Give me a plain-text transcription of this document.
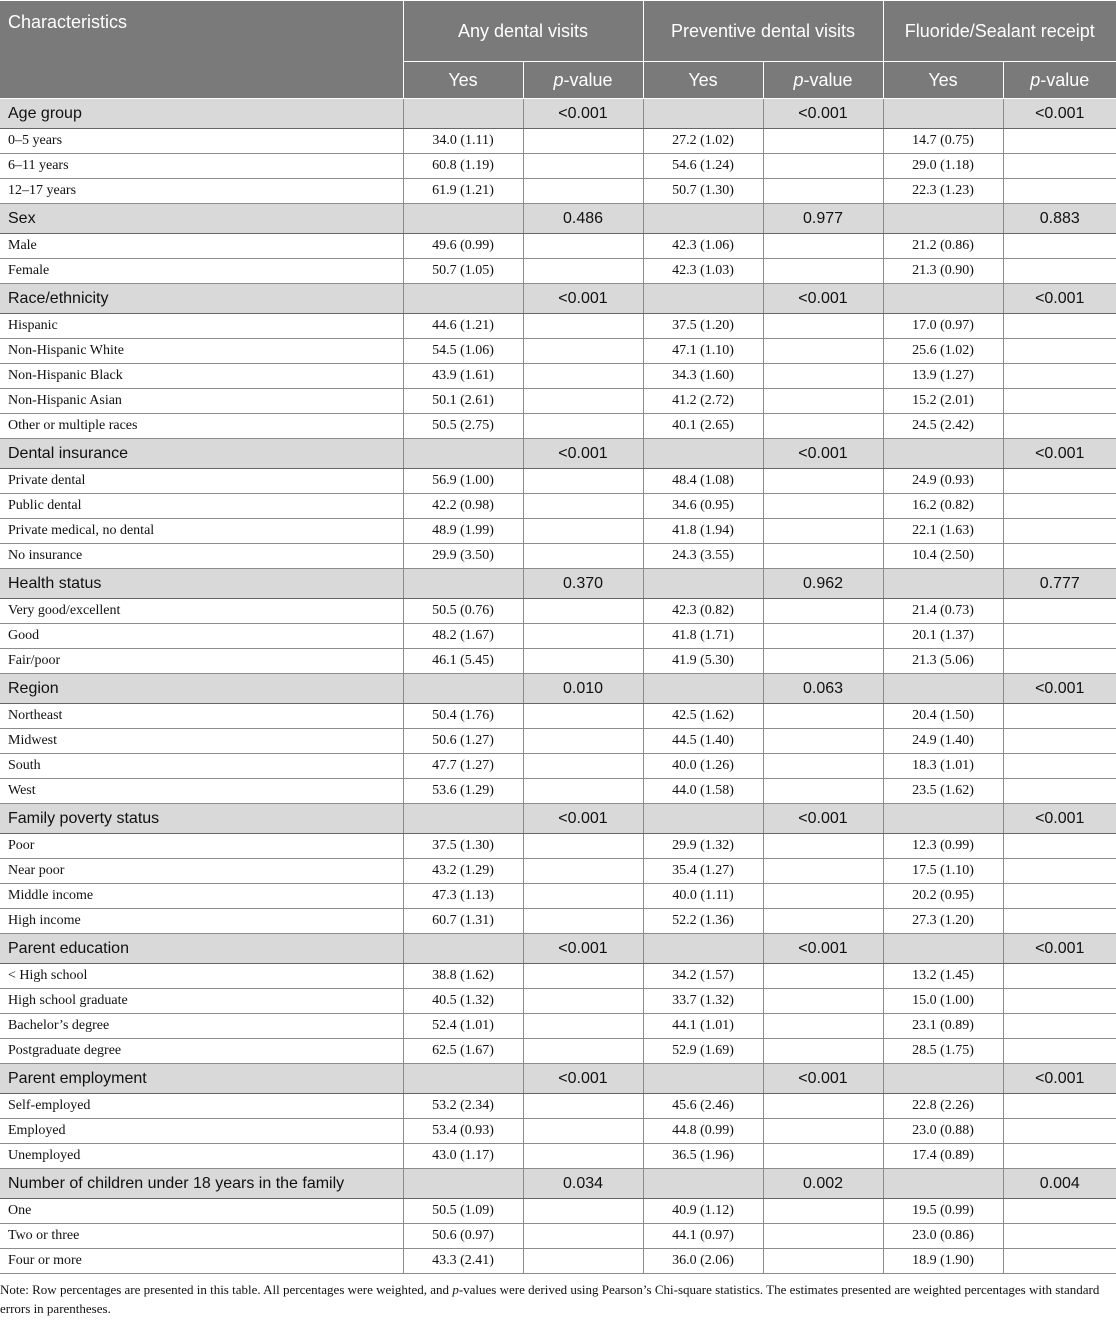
Characteristics	Any dental visits		Preventive dental visits		Fluoride/Sealant receipt	
	Yes	p-value	Yes	p-value	Yes	p-value
Age group		<0.001		<0.001		<0.001
0–5 years	34.0 (1.11)		27.2 (1.02)		14.7 (0.75)	
6–11 years	60.8 (1.19)		54.6 (1.24)		29.0 (1.18)	
12–17 years	61.9 (1.21)		50.7 (1.30)		22.3 (1.23)	
Sex		0.486		0.977		0.883
Male	49.6 (0.99)		42.3 (1.06)		21.2 (0.86)	
Female	50.7 (1.05)		42.3 (1.03)		21.3 (0.90)	
Race/ethnicity		<0.001		<0.001		<0.001
Hispanic	44.6 (1.21)		37.5 (1.20)		17.0 (0.97)	
Non-Hispanic White	54.5 (1.06)		47.1 (1.10)		25.6 (1.02)	
Non-Hispanic Black	43.9 (1.61)		34.3 (1.60)		13.9 (1.27)	
Non-Hispanic Asian	50.1 (2.61)		41.2 (2.72)		15.2 (2.01)	
Other or multiple races	50.5 (2.75)		40.1 (2.65)		24.5 (2.42)	
Dental insurance		<0.001		<0.001		<0.001
Private dental	56.9 (1.00)		48.4 (1.08)		24.9 (0.93)	
Public dental	42.2 (0.98)		34.6 (0.95)		16.2 (0.82)	
Private medical, no dental	48.9 (1.99)		41.8 (1.94)		22.1 (1.63)	
No insurance	29.9 (3.50)		24.3 (3.55)		10.4 (2.50)	
Health status		0.370		0.962		0.777
Very good/excellent	50.5 (0.76)		42.3 (0.82)		21.4 (0.73)	
Good	48.2 (1.67)		41.8 (1.71)		20.1 (1.37)	
Fair/poor	46.1 (5.45)		41.9 (5.30)		21.3 (5.06)	
Region		0.010		0.063		<0.001
Northeast	50.4 (1.76)		42.5 (1.62)		20.4 (1.50)	
Midwest	50.6 (1.27)		44.5 (1.40)		24.9 (1.40)	
South	47.7 (1.27)		40.0 (1.26)		18.3 (1.01)	
West	53.6 (1.29)		44.0 (1.58)		23.5 (1.62)	
Family poverty status		<0.001		<0.001		<0.001
Poor	37.5 (1.30)		29.9 (1.32)		12.3 (0.99)	
Near poor	43.2 (1.29)		35.4 (1.27)		17.5 (1.10)	
Middle income	47.3 (1.13)		40.0 (1.11)		20.2 (0.95)	
High income	60.7 (1.31)		52.2 (1.36)		27.3 (1.20)	
Parent education		<0.001		<0.001		<0.001
< High school	38.8 (1.62)		34.2 (1.57)		13.2 (1.45)	
High school graduate	40.5 (1.32)		33.7 (1.32)		15.0 (1.00)	
Bachelor’s degree	52.4 (1.01)		44.1 (1.01)		23.1 (0.89)	
Postgraduate degree	62.5 (1.67)		52.9 (1.69)		28.5 (1.75)	
Parent employment		<0.001		<0.001		<0.001
Self-employed	53.2 (2.34)		45.6 (2.46)		22.8 (2.26)	
Employed	53.4 (0.93)		44.8 (0.99)		23.0 (0.88)	
Unemployed	43.0 (1.17)		36.5 (1.96)		17.4 (0.89)	
Number of children under 18 years in the family		0.034		0.002		0.004
One	50.5 (1.09)		40.9 (1.12)		19.5 (0.99)	
Two or three	50.6 (0.97)		44.1 (0.97)		23.0 (0.86)	
Four or more	43.3 (2.41)		36.0 (2.06)		18.9 (1.90)	
Note: Row percentages are presented in this table. All percentages were weighted, and p-values were derived using Pearson’s Chi-square statistics. The estimates presented are weighted percentages with standard errors in parentheses.
